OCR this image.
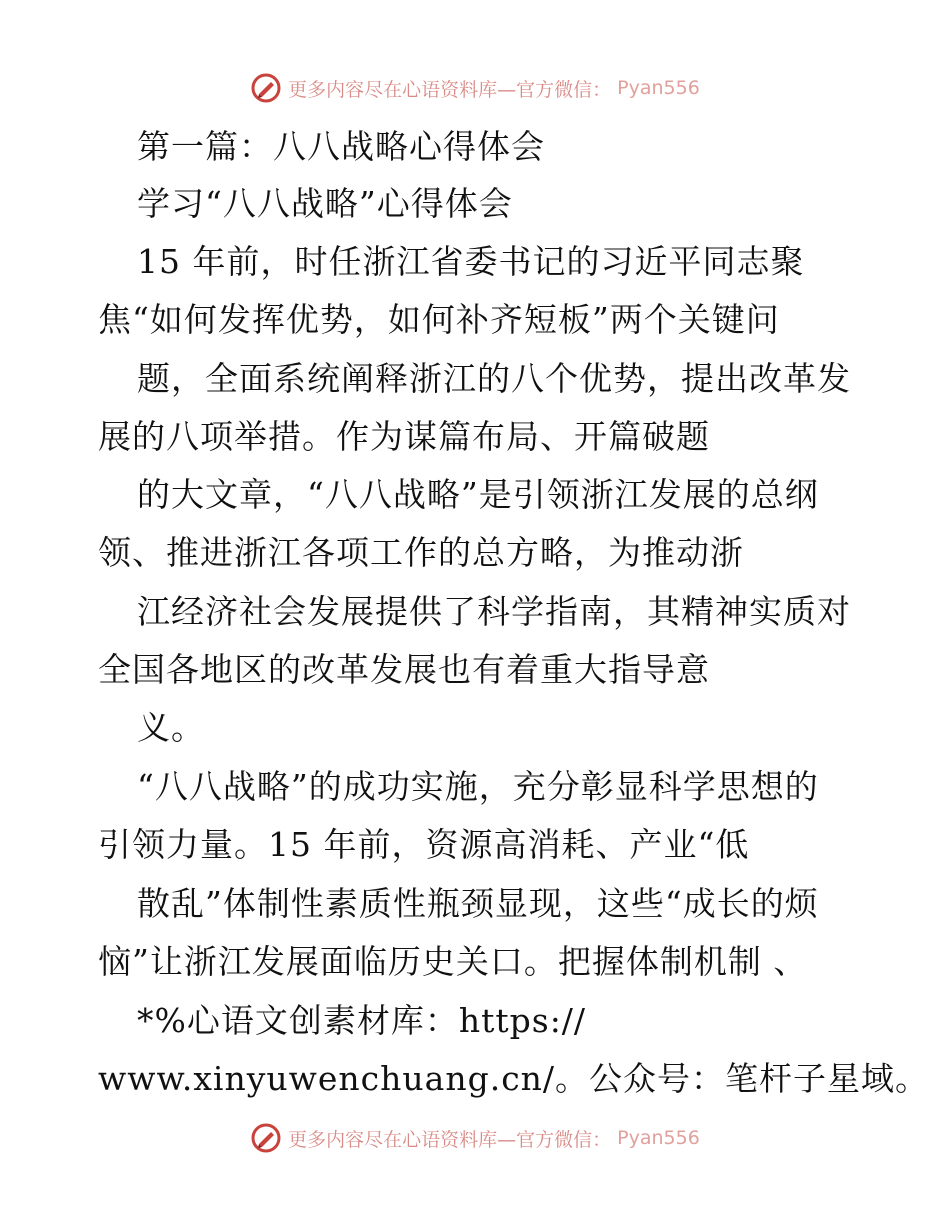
更多内容尽在心语资料库—官方微信： Pyan556
第一篇：八八战略心得体会
学习“八八战略”心得体会
15 年前，时任浙江省委书记的习近平同志聚
焦“如何发挥优势，如何补齐短板”两个关键问
题，全面系统阐释浙江的八个优势，提出改革发
展的八项举措。作为谋篇布局、开篇破题
的大文章，“八八战略”是引领浙江发展的总纲
领、推进浙江各项工作的总方略，为推动浙
江经济社会发展提供了科学指南，其精神实质对
全国各地区的改革发展也有着重大指导意
义。
“八八战略”的成功实施，充分彰显科学思想的
引领力量。15 年前，资源高消耗、产业“低
散乱”体制性素质性瓶颈显现，这些“成长的烦
恼”让浙江发展面临历史关口。把握体制机制 、
*%心语文创素材库：https://
www.xinyuwenchuang.cn/。公众号：笔杆子星域。
更多内容尽在心语资料库—官方微信： Pyan556
